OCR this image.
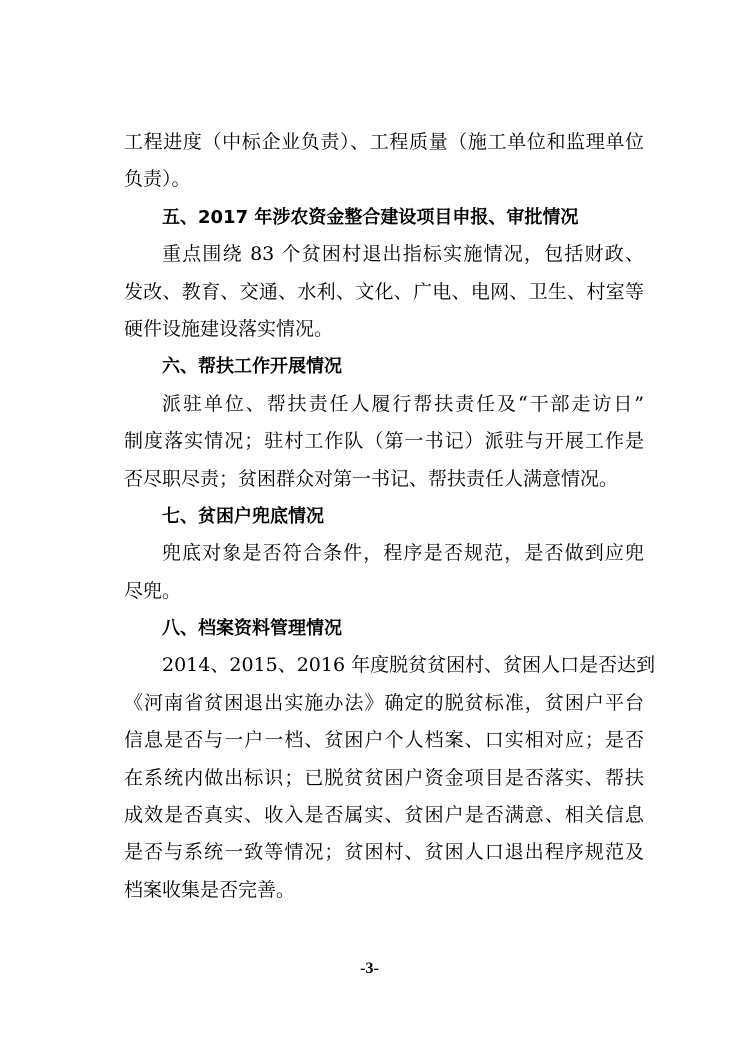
工程进度（中标企业负责）、工程质量（施工单位和监理单位
负责）。
五、2017 年涉农资金整合建设项目申报、审批情况
重点围绕 83 个贫困村退出指标实施情况，包括财政、
发改、教育、交通、水利、文化、广电、电网、卫生、村室等
硬件设施建设落实情况。
六、帮扶工作开展情况
派驻单位、帮扶责任人履行帮扶责任及“干部走访日”
制度落实情况；驻村工作队（第一书记）派驻与开展工作是
否尽职尽责；贫困群众对第一书记、帮扶责任人满意情况。
七、贫困户兜底情况
兜底对象是否符合条件，程序是否规范，是否做到应兜
尽兜。
八、档案资料管理情况
2014、2015、2016 年度脱贫贫困村、贫困人口是否达到
《河南省贫困退出实施办法》确定的脱贫标准，贫困户平台
信息是否与一户一档、贫困户个人档案、口实相对应；是否
在系统内做出标识；已脱贫贫困户资金项目是否落实、帮扶
成效是否真实、收入是否属实、贫困户是否满意、相关信息
是否与系统一致等情况；贫困村、贫困人口退出程序规范及
档案收集是否完善。
-3-
